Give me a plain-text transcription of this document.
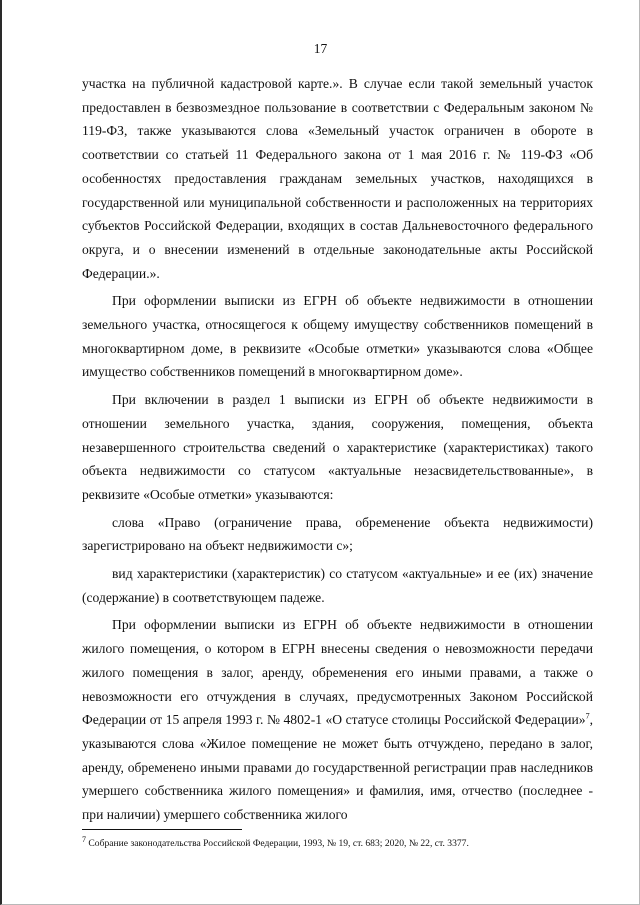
17

участка на публичной кадастровой карте.». В случае если такой земельный участок предоставлен в безвозмездное пользование в соответствии с Федеральным законом № 119-ФЗ, также указываются слова «Земельный участок ограничен в обороте в соответствии со статьей 11 Федерального закона от 1 мая 2016 г. № 119-ФЗ «Об особенностях предоставления гражданам земельных участков, находящихся в государственной или муниципальной собственности и расположенных на территориях субъектов Российской Федерации, входящих в состав Дальневосточного федерального округа, и о внесении изменений в отдельные законодательные акты Российской Федерации.».

При оформлении выписки из ЕГРН об объекте недвижимости в отношении земельного участка, относящегося к общему имуществу собственников помещений в многоквартирном доме, в реквизите «Особые отметки» указываются слова «Общее имущество собственников помещений в многоквартирном доме».

При включении в раздел 1 выписки из ЕГРН об объекте недвижимости в отношении земельного участка, здания, сооружения, помещения, объекта незавершенного строительства сведений о характеристике (характеристиках) такого объекта недвижимости со статусом «актуальные незасвидетельствованные», в реквизите «Особые отметки» указываются:

слова «Право (ограничение права, обременение объекта недвижимости) зарегистрировано на объект недвижимости с»;

вид характеристики (характеристик) со статусом «актуальные» и ее (их) значение (содержание) в соответствующем падеже.

При оформлении выписки из ЕГРН об объекте недвижимости в отношении жилого помещения, о котором в ЕГРН внесены сведения о невозможности передачи жилого помещения в залог, аренду, обременения его иными правами, а также о невозможности его отчуждения в случаях, предусмотренных Законом Российской Федерации от 15 апреля 1993 г. № 4802-1 «О статусе столицы Российской Федерации»$^7$, указываются слова «Жилое помещение не может быть отчуждено, передано в залог, аренду, обременено иными правами до государственной регистрации прав наследников умершего собственника жилого помещения» и фамилия, имя, отчество (последнее - при наличии) умершего собственника жилого

$^7$ Собрание законодательства Российской Федерации, 1993, № 19, ст. 683; 2020, № 22, ст. 3377.
